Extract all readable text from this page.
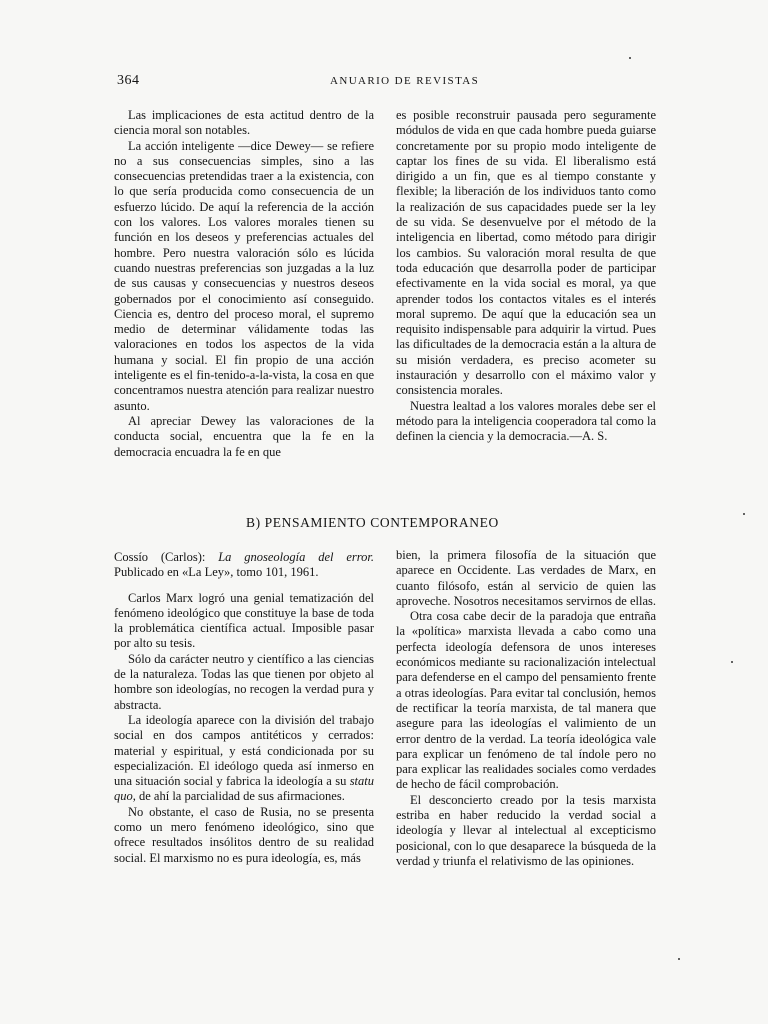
364	ANUARIO DE REVISTAS

Las implicaciones de esta actitud dentro de la ciencia moral son notables.

La acción inteligente —dice Dewey— se refiere no a sus consecuencias simples, sino a las consecuencias pretendidas traer a la existencia, con lo que sería producida como consecuencia de un esfuerzo lúcido. De aquí la referencia de la acción con los valores. Los valores morales tienen su función en los deseos y preferencias actuales del hombre. Pero nuestra valoración sólo es lúcida cuando nuestras preferencias son juzgadas a la luz de sus causas y consecuencias y nuestros deseos gobernados por el conocimiento así conseguido. Ciencia es, dentro del proceso moral, el supremo medio de determinar válidamente todas las valoraciones en todos los aspectos de la vida humana y social. El fin propio de una acción inteligente es el fin-tenido-a-la-vista, la cosa en que concentramos nuestra atención para realizar nuestro asunto.

Al apreciar Dewey las valoraciones de la conducta social, encuentra que la fe en la democracia encuadra la fe en que

es posible reconstruir pausada pero seguramente módulos de vida en que cada hombre pueda guiarse concretamente por su propio modo inteligente de captar los fines de su vida. El liberalismo está dirigido a un fin, que es al tiempo constante y flexible; la liberación de los individuos tanto como la realización de sus capacidades puede ser la ley de su vida. Se desenvuelve por el método de la inteligencia en libertad, como método para dirigir los cambios. Su valoración moral resulta de que toda educación que desarrolla poder de participar efectivamente en la vida social es moral, ya que aprender todos los contactos vitales es el interés moral supremo. De aquí que la educación sea un requisito indispensable para adquirir la virtud. Pues las dificultades de la democracia están a la altura de su misión verdadera, es preciso acometer su instauración y desarrollo con el máximo valor y consistencia morales.

Nuestra lealtad a los valores morales debe ser el método para la inteligencia cooperadora tal como la definen la ciencia y la democracia.—A. S.

B) PENSAMIENTO CONTEMPORANEO

Cossío (Carlos): La gnoseología del error. Publicado en «La Ley», tomo 101, 1961.

Carlos Marx logró una genial tematización del fenómeno ideológico que constituye la base de toda la problemática científica actual. Imposible pasar por alto su tesis.

Sólo da carácter neutro y científico a las ciencias de la naturaleza. Todas las que tienen por objeto al hombre son ideologías, no recogen la verdad pura y abstracta.

La ideología aparece con la división del trabajo social en dos campos antitéticos y cerrados: material y espiritual, y está condicionada por su especialización. El ideólogo queda así inmerso en una situación social y fabrica la ideología a su statu quo, de ahí la parcialidad de sus afirmaciones.

No obstante, el caso de Rusia, no se presenta como un mero fenómeno ideológico, sino que ofrece resultados insólitos dentro de su realidad social. El marxismo no es pura ideología, es, más

bien, la primera filosofía de la situación que aparece en Occidente. Las verdades de Marx, en cuanto filósofo, están al servicio de quien las aproveche. Nosotros necesitamos servirnos de ellas.

Otra cosa cabe decir de la paradoja que entraña la «política» marxista llevada a cabo como una perfecta ideología defensora de unos intereses económicos mediante su racionalización intelectual para defenderse en el campo del pensamiento frente a otras ideologías. Para evitar tal conclusión, hemos de rectificar la teoría marxista, de tal manera que asegure para las ideologías el valimiento de un error dentro de la verdad. La teoría ideológica vale para explicar un fenómeno de tal índole pero no para explicar las realidades sociales como verdades de hecho de fácil comprobación.

El desconcierto creado por la tesis marxista estriba en haber reducido la verdad social a ideología y llevar al intelectual al excepticismo posicional, con lo que desaparece la búsqueda de la verdad y triunfa el relativismo de las opiniones.
